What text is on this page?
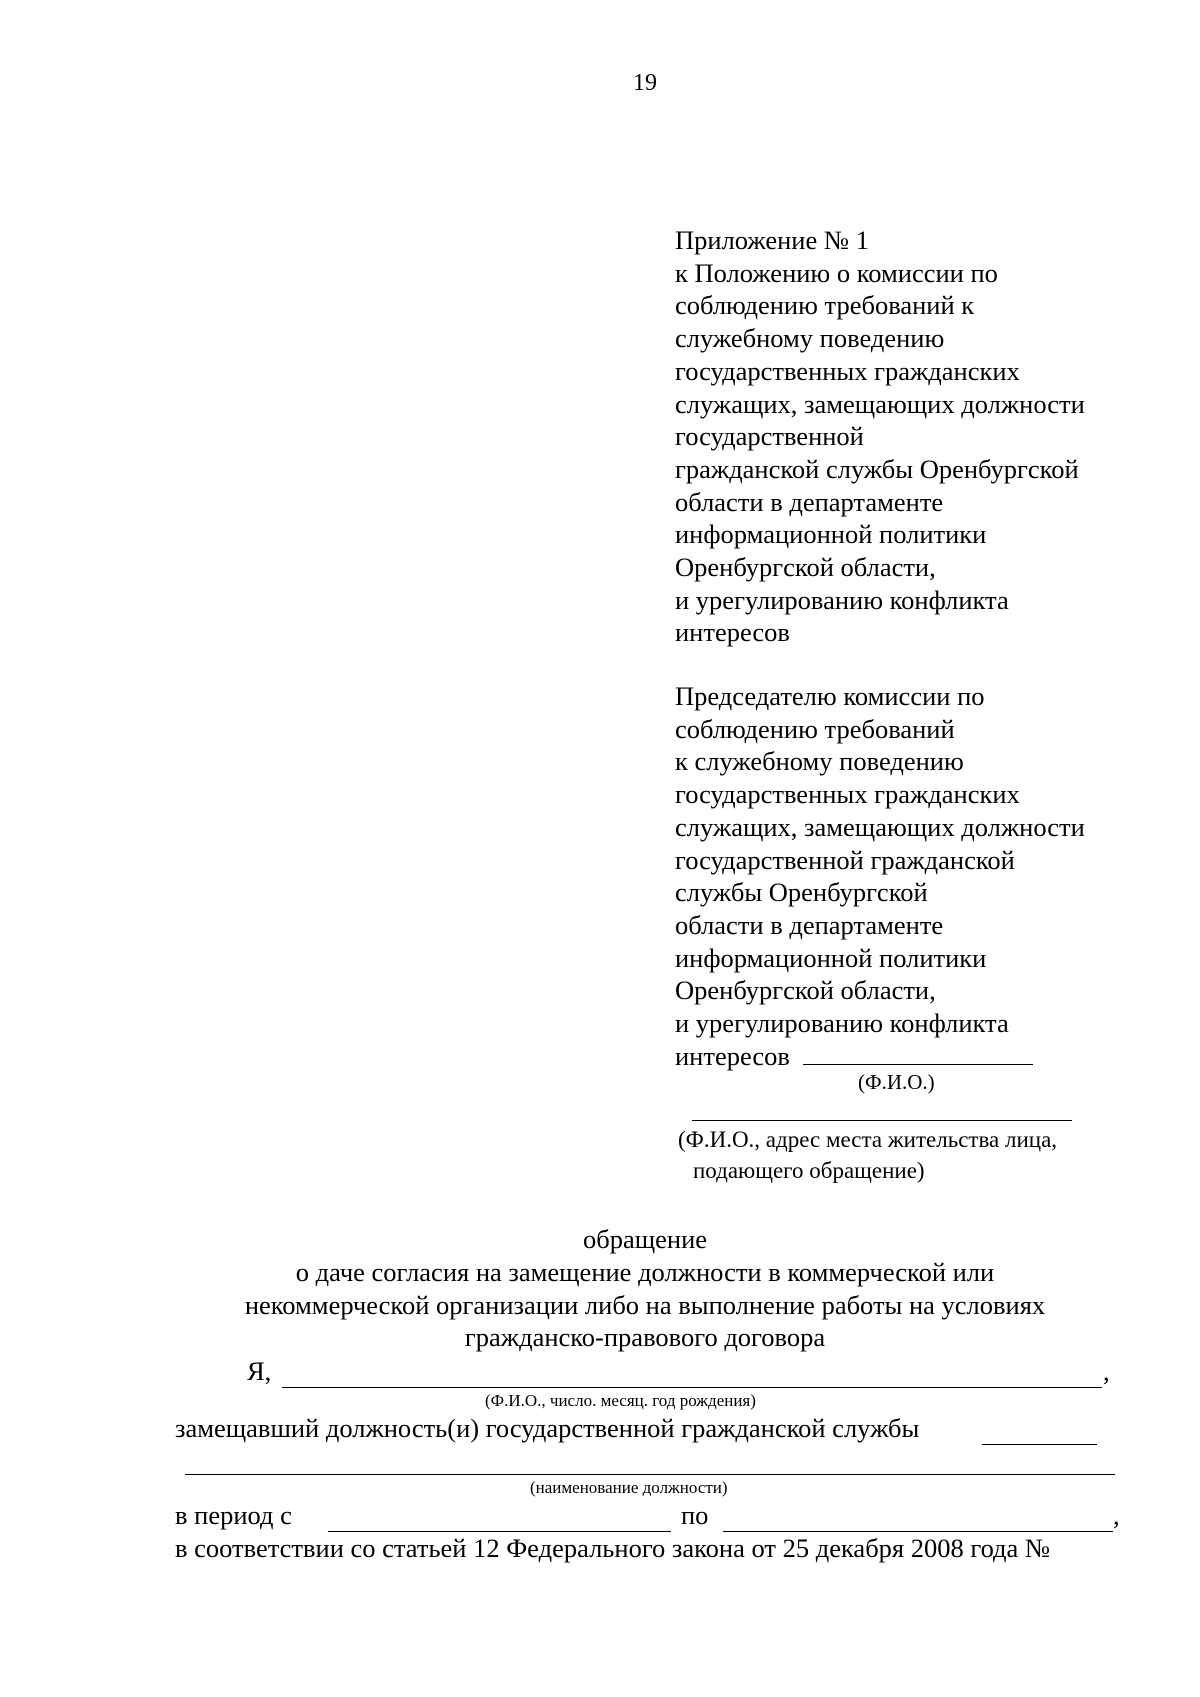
19
Приложение № 1
к Положению о комиссии по
соблюдению требований к
служебному поведению
государственных гражданских
служащих, замещающих должности
государственной
гражданской службы Оренбургской
области в департаменте
информационной политики
Оренбургской области,
и урегулированию конфликта
интересов
Председателю комиссии по
соблюдению требований
к служебному поведению
государственных гражданских
служащих, замещающих должности
государственной гражданской
службы Оренбургской
области в департаменте
информационной политики
Оренбургской области,
и урегулированию конфликта
интересов
(Ф.И.О.)
(Ф.И.О., адрес места жительства лица,
подающего обращение)
обращение
о даче согласия на замещение должности в коммерческой или
некоммерческой организации либо на выполнение работы на условиях
гражданско-правового договора
Я,	,
(Ф.И.О., число. месяц. год рождения)
замещавший должность(и) государственной гражданской службы
(наименование должности)
в период с	по	,
в соответствии со статьей 12 Федерального закона от 25 декабря 2008 года №
